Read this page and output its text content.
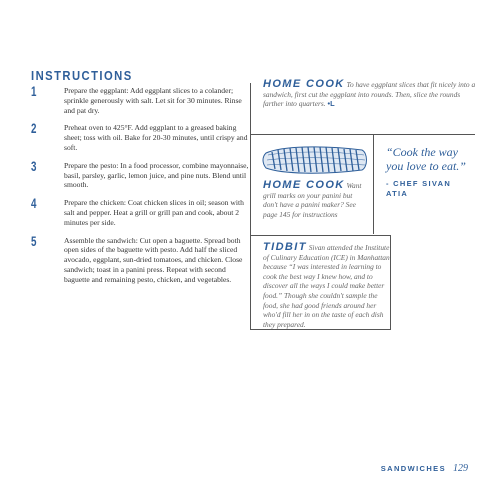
INSTRUCTIONS
1	Prepare the eggplant: Add eggplant slices to a colander; sprinkle generously with salt. Let sit for 30 minutes. Rinse and pat dry.

2	Preheat oven to 425°F. Add eggplant to a greased baking sheet; toss with oil. Bake for 20-30 minutes, until crispy and soft.

3	Prepare the pesto: In a food processor, combine mayonnaise, basil, parsley, garlic, lemon juice, and pine nuts. Blend until smooth.

4	Prepare the chicken: Coat chicken slices in oil; season with salt and pepper. Heat a grill or grill pan and cook, about 2 minutes per side.

5	Assemble the sandwich: Cut open a baguette. Spread both open sides of the baguette with pesto. Add half the sliced avocado, eggplant, sun-dried tomatoes, and chicken. Close sandwich; toast in a panini press. Repeat with second baguette and remaining pesto, chicken, and vegetables.

HOME COOK To have eggplant slices that fit nicely into a sandwich, first cut the eggplant into rounds. Then, slice the rounds farther into quarters. •L

HOME COOK Want grill marks on your panini but don't have a panini maker? See page 145 for instructions

“Cook the way you love to eat.”

- CHEF SIVAN ATIA

TIDBIT Sivan attended the Institute of Culinary Education (ICE) in Manhattan because “I was interested in learning to cook the best way I knew how, and to discover all the ways I could make better food.” Though she couldn't sample the food, she had good friends around her who'd fill her in on the taste of each dish they prepared.

SANDWICHES 129
